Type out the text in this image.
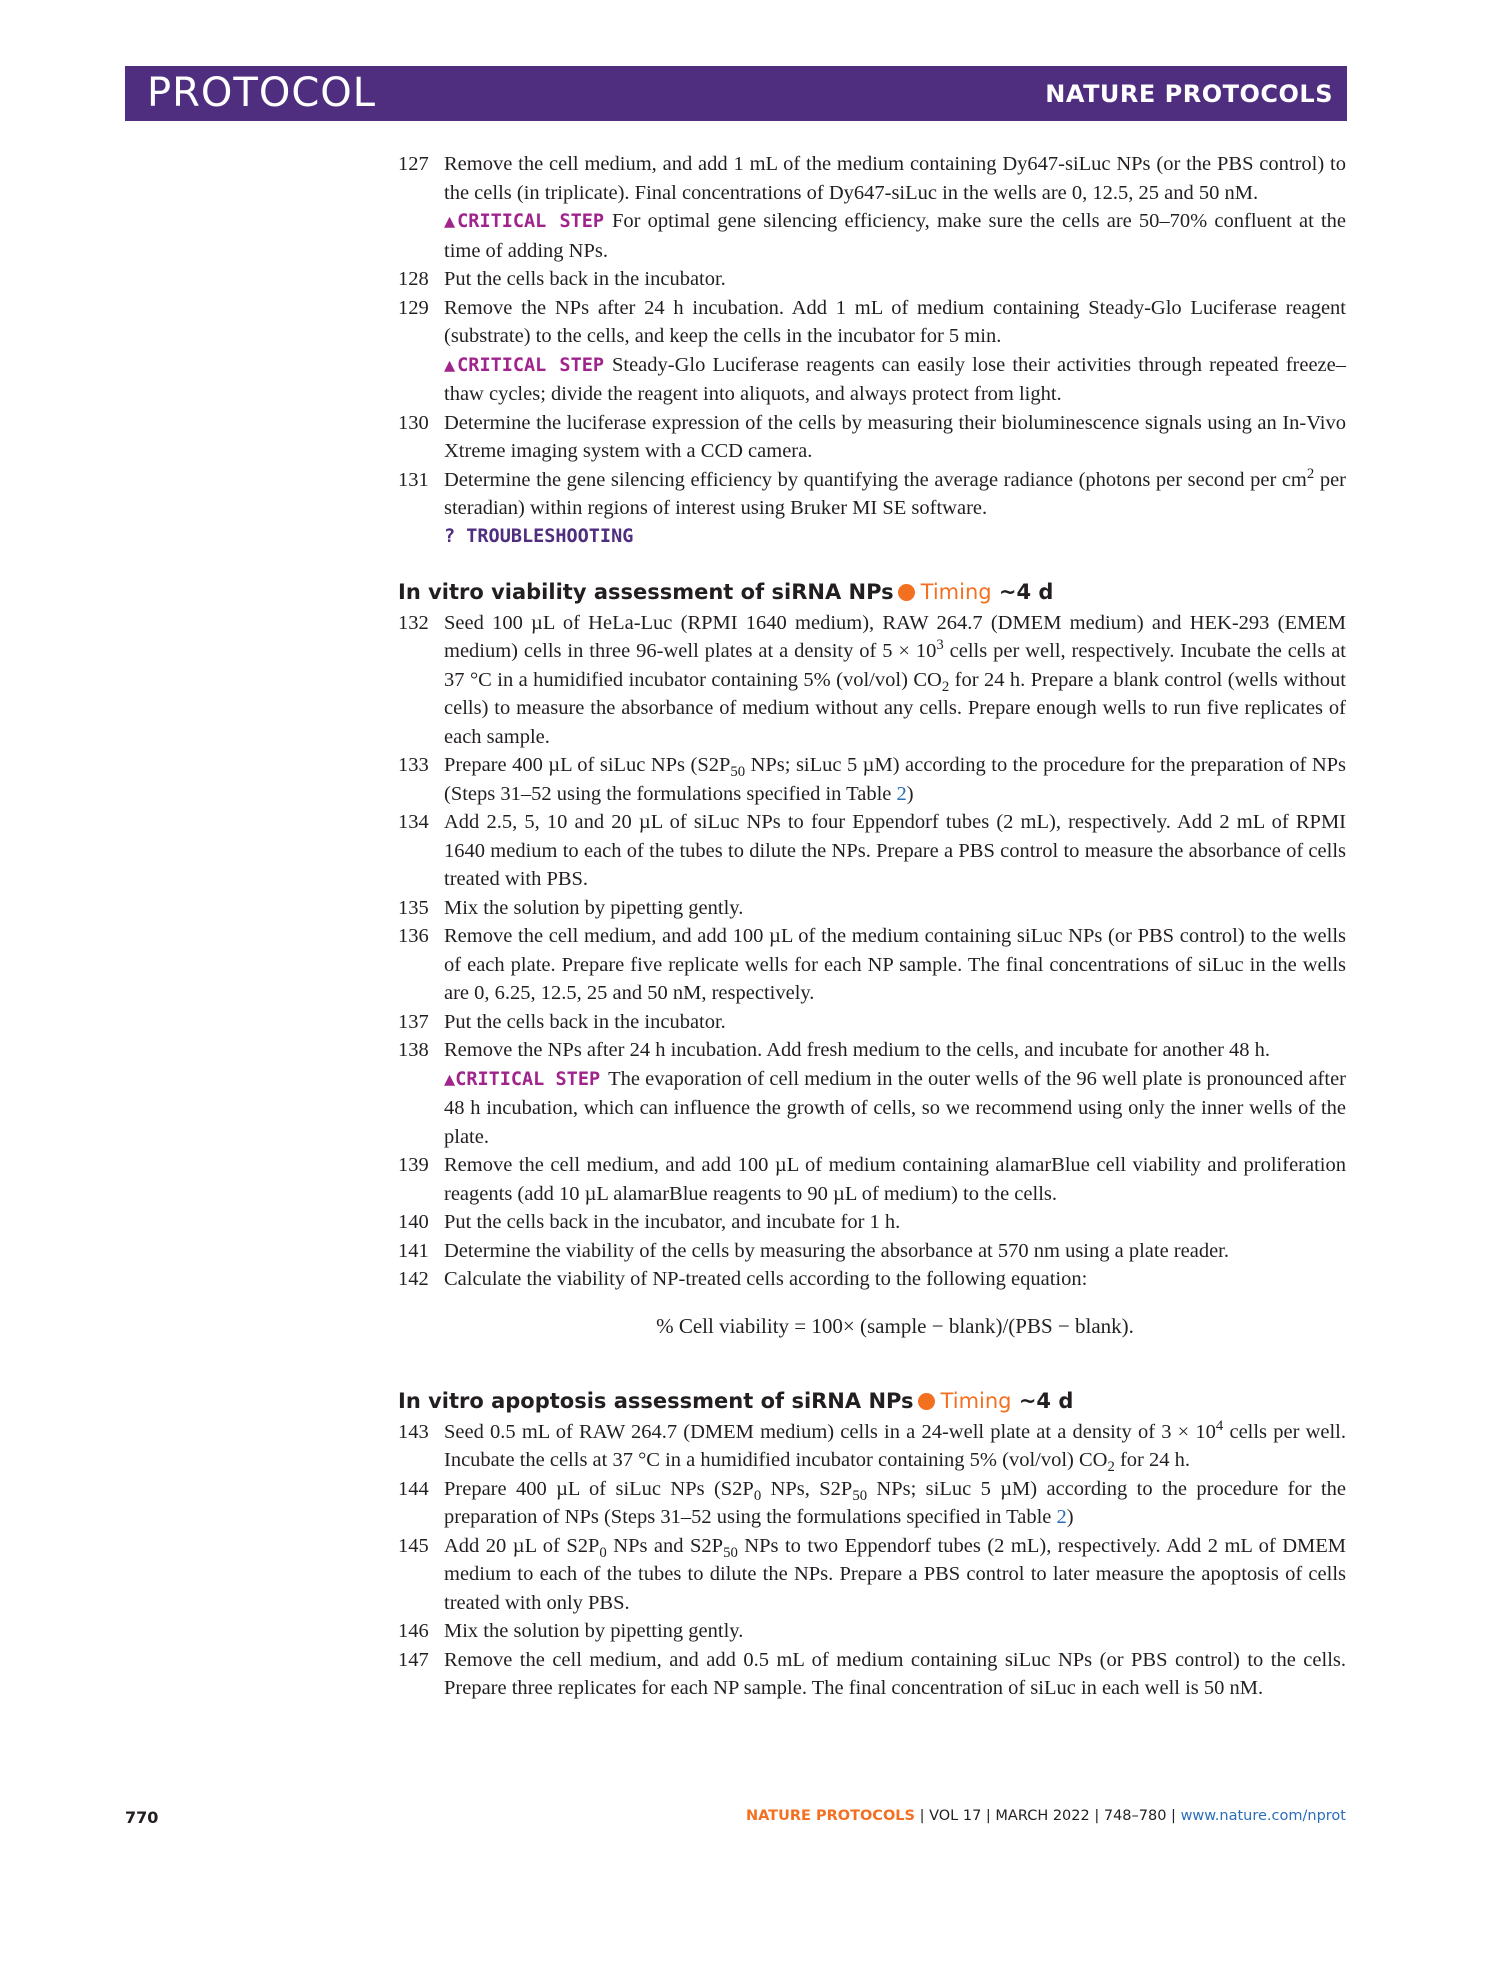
PROTOCOL	NATURE PROTOCOLS
127 Remove the cell medium, and add 1 mL of the medium containing Dy647-siLuc NPs (or the PBS control) to the cells (in triplicate). Final concentrations of Dy647-siLuc in the wells are 0, 12.5, 25 and 50 nM.
▲CRITICAL STEP For optimal gene silencing efficiency, make sure the cells are 50–70% confluent at the time of adding NPs.
128 Put the cells back in the incubator.
129 Remove the NPs after 24 h incubation. Add 1 mL of medium containing Steady-Glo Luciferase reagent (substrate) to the cells, and keep the cells in the incubator for 5 min.
▲CRITICAL STEP Steady-Glo Luciferase reagents can easily lose their activities through repeated freeze–thaw cycles; divide the reagent into aliquots, and always protect from light.
130 Determine the luciferase expression of the cells by measuring their bioluminescence signals using an In-Vivo Xtreme imaging system with a CCD camera.
131 Determine the gene silencing efficiency by quantifying the average radiance (photons per second per $cm^2$ per steradian) within regions of interest using Bruker MI SE software.
? TROUBLESHOOTING
In vitro viability assessment of siRNA NPs Timing ~4 d
132 Seed 100 µL of HeLa-Luc (RPMI 1640 medium), RAW 264.7 (DMEM medium) and HEK-293 (EMEM medium) cells in three 96-well plates at a density of $5 \times 10^3$ cells per well, respectively. Incubate the cells at 37 °C in a humidified incubator containing 5% (vol/vol) $CO_2$ for 24 h. Prepare a blank control (wells without cells) to measure the absorbance of medium without any cells. Prepare enough wells to run five replicates of each sample.
133 Prepare 400 µL of siLuc NPs ($S2P_{50}$ NPs; siLuc 5 µM) according to the procedure for the preparation of NPs (Steps 31–52 using the formulations specified in Table 2)
134 Add 2.5, 5, 10 and 20 µL of siLuc NPs to four Eppendorf tubes (2 mL), respectively. Add 2 mL of RPMI 1640 medium to each of the tubes to dilute the NPs. Prepare a PBS control to measure the absorbance of cells treated with PBS.
135 Mix the solution by pipetting gently.
136 Remove the cell medium, and add 100 µL of the medium containing siLuc NPs (or PBS control) to the wells of each plate. Prepare five replicate wells for each NP sample. The final concentrations of siLuc in the wells are 0, 6.25, 12.5, 25 and 50 nM, respectively.
137 Put the cells back in the incubator.
138 Remove the NPs after 24 h incubation. Add fresh medium to the cells, and incubate for another 48 h.
▲CRITICAL STEP The evaporation of cell medium in the outer wells of the 96 well plate is pronounced after 48 h incubation, which can influence the growth of cells, so we recommend using only the inner wells of the plate.
139 Remove the cell medium, and add 100 µL of medium containing alamarBlue cell viability and proliferation reagents (add 10 µL alamarBlue reagents to 90 µL of medium) to the cells.
140 Put the cells back in the incubator, and incubate for 1 h.
141 Determine the viability of the cells by measuring the absorbance at 570 nm using a plate reader.
142 Calculate the viability of NP-treated cells according to the following equation:
% Cell viability = 100× (sample − blank)/(PBS − blank).
In vitro apoptosis assessment of siRNA NPs Timing ~4 d
143 Seed 0.5 mL of RAW 264.7 (DMEM medium) cells in a 24-well plate at a density of $3 \times 10^4$ cells per well. Incubate the cells at 37 °C in a humidified incubator containing 5% (vol/vol) $CO_2$ for 24 h.
144 Prepare 400 µL of siLuc NPs ($S2P_0$ NPs, $S2P_{50}$ NPs; siLuc 5 µM) according to the procedure for the preparation of NPs (Steps 31–52 using the formulations specified in Table 2)
145 Add 20 µL of $S2P_0$ NPs and $S2P_{50}$ NPs to two Eppendorf tubes (2 mL), respectively. Add 2 mL of DMEM medium to each of the tubes to dilute the NPs. Prepare a PBS control to later measure the apoptosis of cells treated with only PBS.
146 Mix the solution by pipetting gently.
147 Remove the cell medium, and add 0.5 mL of medium containing siLuc NPs (or PBS control) to the cells. Prepare three replicates for each NP sample. The final concentration of siLuc in each well is 50 nM.
770	NATURE PROTOCOLS | VOL 17 | MARCH 2022 | 748–780 | www.nature.com/nprot
